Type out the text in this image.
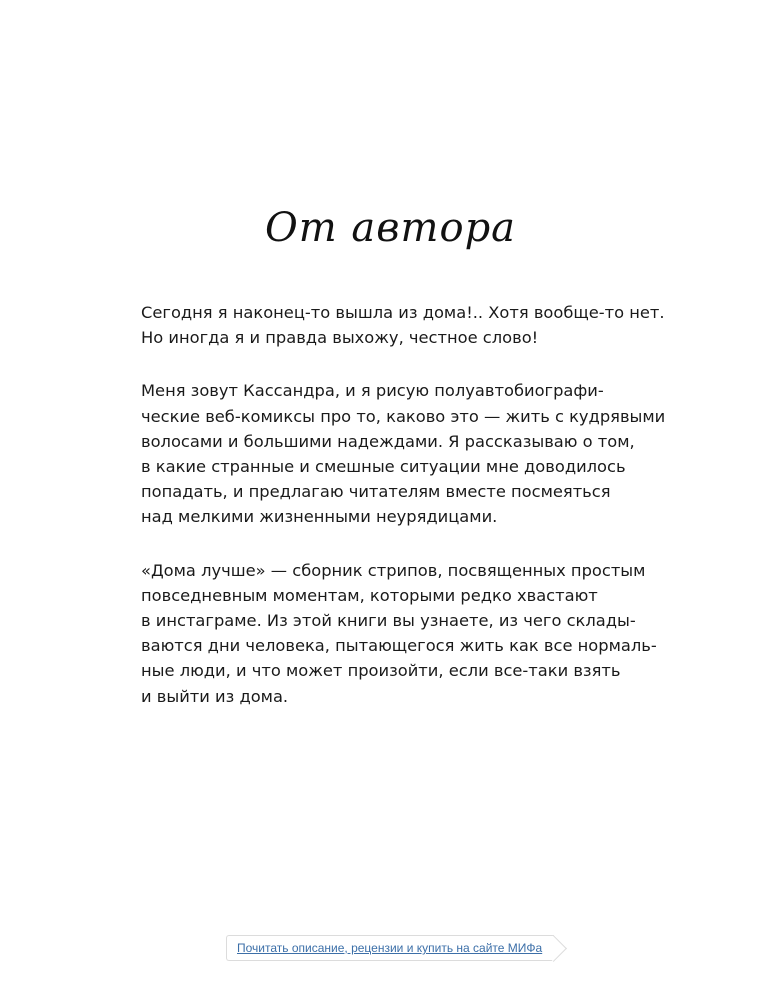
От автора

Сегодня я наконец-то вышла из дома!.. Хотя вообще-то нет.
Но иногда я и правда выхожу, честное слово!

Меня зовут Кассандра, и я рисую полуавтобиографи-
ческие веб-комиксы про то, каково это — жить с кудрявыми
волосами и большими надеждами. Я рассказываю о том,
в какие странные и смешные ситуации мне доводилось
попадать, и предлагаю читателям вместе посмеяться
над мелкими жизненными неурядицами.

«Дома лучше» — сборник стрипов, посвященных простым
повседневным моментам, которыми редко хвастают
в инстаграме. Из этой книги вы узнаете, из чего склады-
ваются дни человека, пытающегося жить как все нормаль-
ные люди, и что может произойти, если все-таки взять
и выйти из дома.

Почитать описание, рецензии и купить на сайте МИФа
